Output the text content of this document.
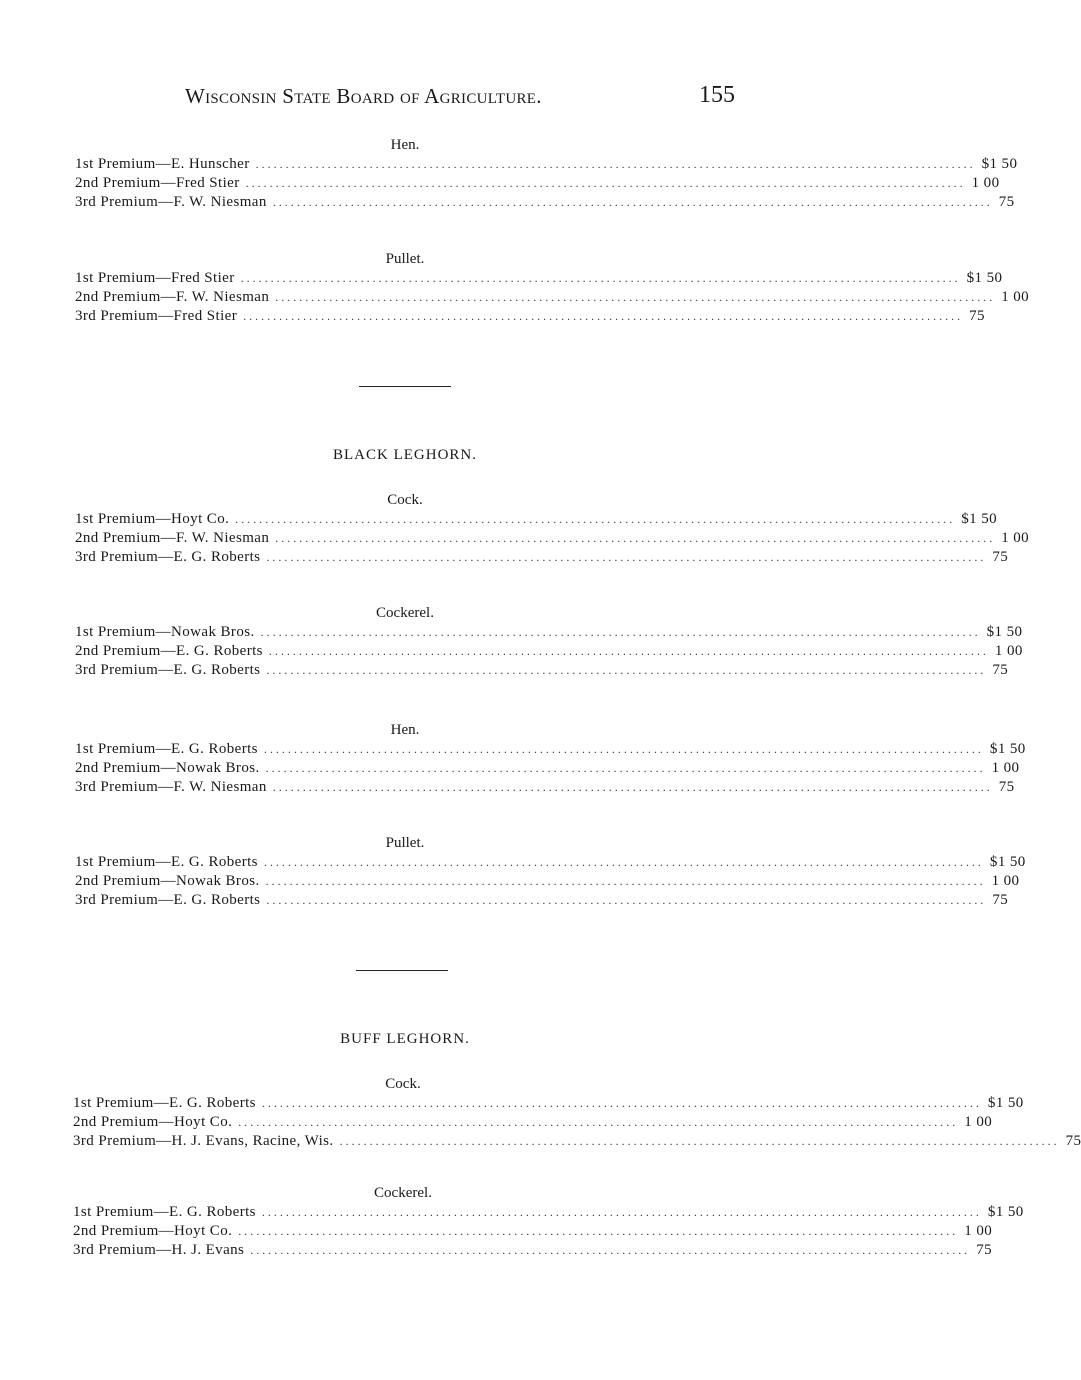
Wisconsin State Board of Agriculture.	155
Hen.
1st Premium—E. Hunscher ........................................................................................................................ $1 50
2nd Premium—Fred Stier ........................................................................................................................ 1 00
3rd Premium—F. W. Niesman ........................................................................................................................ 75
Pullet.
1st Premium—Fred Stier ........................................................................................................................ $1 50
2nd Premium—F. W. Niesman ........................................................................................................................ 1 00
3rd Premium—Fred Stier ........................................................................................................................ 75
BLACK LEGHORN.
Cock.
1st Premium—Hoyt Co. ........................................................................................................................ $1 50
2nd Premium—F. W. Niesman ........................................................................................................................ 1 00
3rd Premium—E. G. Roberts ........................................................................................................................ 75
Cockerel.
1st Premium—Nowak Bros. ........................................................................................................................ $1 50
2nd Premium—E. G. Roberts ........................................................................................................................ 1 00
3rd Premium—E. G. Roberts ........................................................................................................................ 75
Hen.
1st Premium—E. G. Roberts ........................................................................................................................ $1 50
2nd Premium—Nowak Bros. ........................................................................................................................ 1 00
3rd Premium—F. W. Niesman ........................................................................................................................ 75
Pullet.
1st Premium—E. G. Roberts ........................................................................................................................ $1 50
2nd Premium—Nowak Bros. ........................................................................................................................ 1 00
3rd Premium—E. G. Roberts ........................................................................................................................ 75
BUFF LEGHORN.
Cock.
1st Premium—E. G. Roberts ........................................................................................................................ $1 50
2nd Premium—Hoyt Co. ........................................................................................................................ 1 00
3rd Premium—H. J. Evans, Racine, Wis. ........................................................................................................................ 75
Cockerel.
1st Premium—E. G. Roberts ........................................................................................................................ $1 50
2nd Premium—Hoyt Co. ........................................................................................................................ 1 00
3rd Premium—H. J. Evans ........................................................................................................................ 75
